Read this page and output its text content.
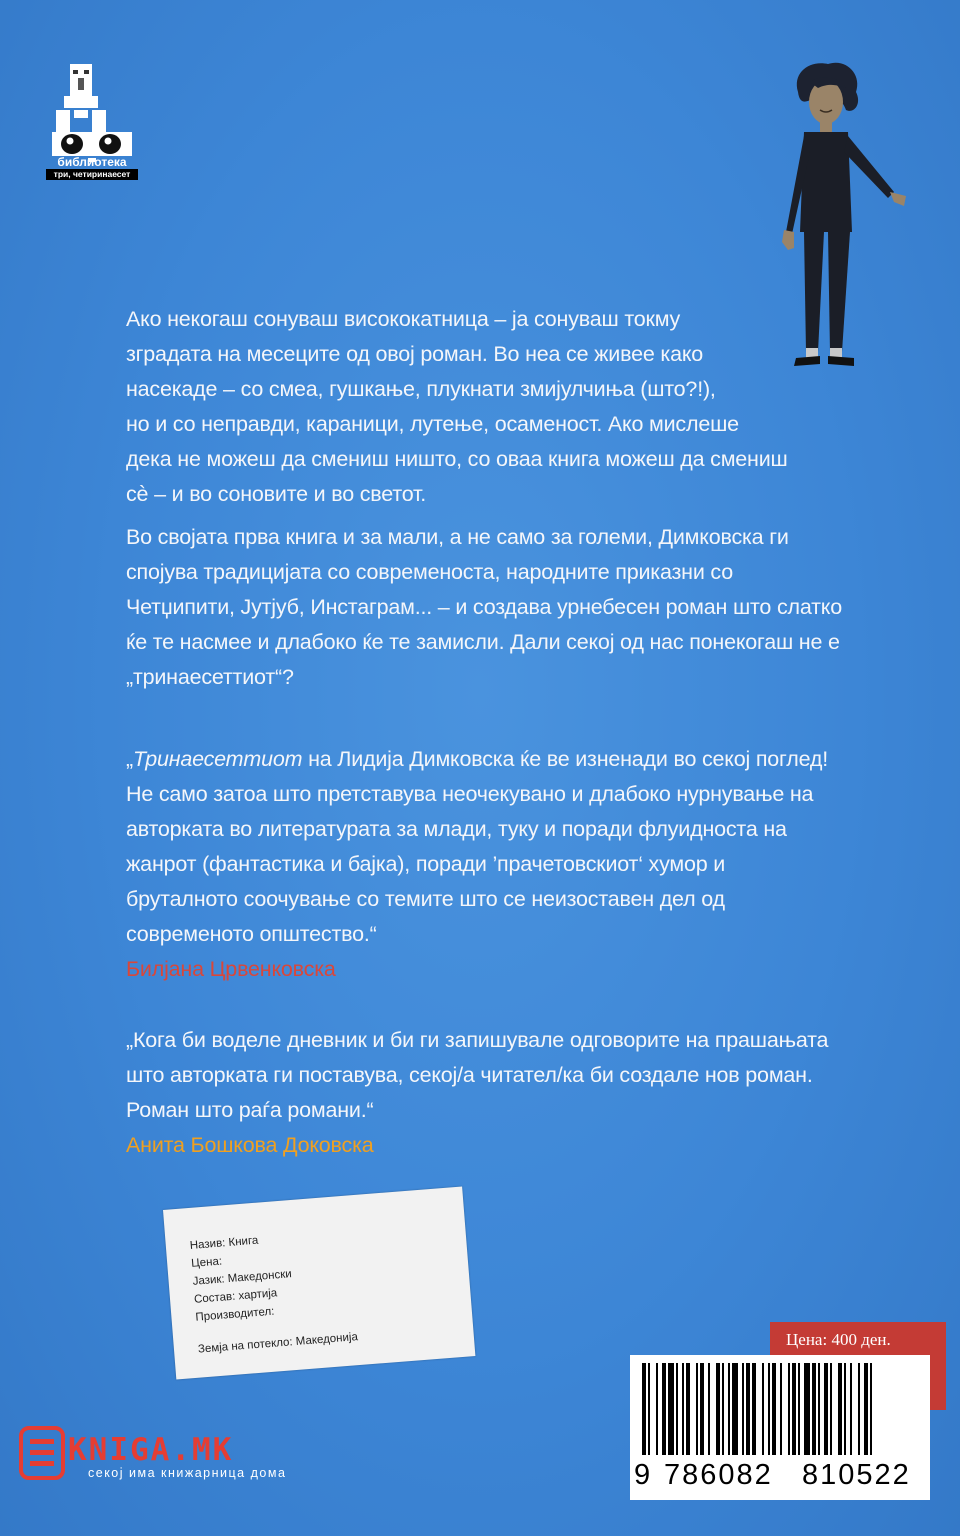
библиотека
три, четиринаесет

Ако некогаш сонуваш висококатница – ја сонуваш токму
зградата на месеците од овој роман. Во неа се живее како
насекаде – со смеа, гушкање, плукнати змијулчиња (што?!),
но и со неправди, караници, лутење, осаменост. Ако мислеше
дека не можеш да смениш ништо, со оваа книга можеш да смениш
сè – и во соновите и во светот.

Во својата прва книга и за мали, а не само за големи, Димковска ги
спојува традицијата со современоста, народните приказни со
Четџипити, Јутјуб, Инстаграм... – и создава урнебесен роман што слатко
ќе те насмее и длабоко ќе те замисли. Дали секој од нас понекогаш не е
„тринаесеттиот“?

„Тринаесеттиот на Лидија Димковска ќе ве изненади во секој поглед!
Не само затоа што претставува неочекувано и длабоко нурнување на
авторката во литературата за млади, туку и поради флуидноста на
жанрот (фантастика и бајка), поради ’прачетовскиот‘ хумор и
бруталното соочување со темите што се неизоставен дел од
современото општество.“
Билјана Црвенковска
„Кога би воделе дневник и би ги запишувале одговорите на прашањата
што авторката ги поставува, секој/а читател/ка би создале нов роман.
Роман што раѓа романи.“
Анита Бошкова Доковска
Назив: Книга
Цена:
Јазик: Македонски
Состав: хартија
Производител:
Земја на потекло: Македонија	Цена: 400 ден.
9 786082 810522
KNIGA.MK
секој има книжарница дома
